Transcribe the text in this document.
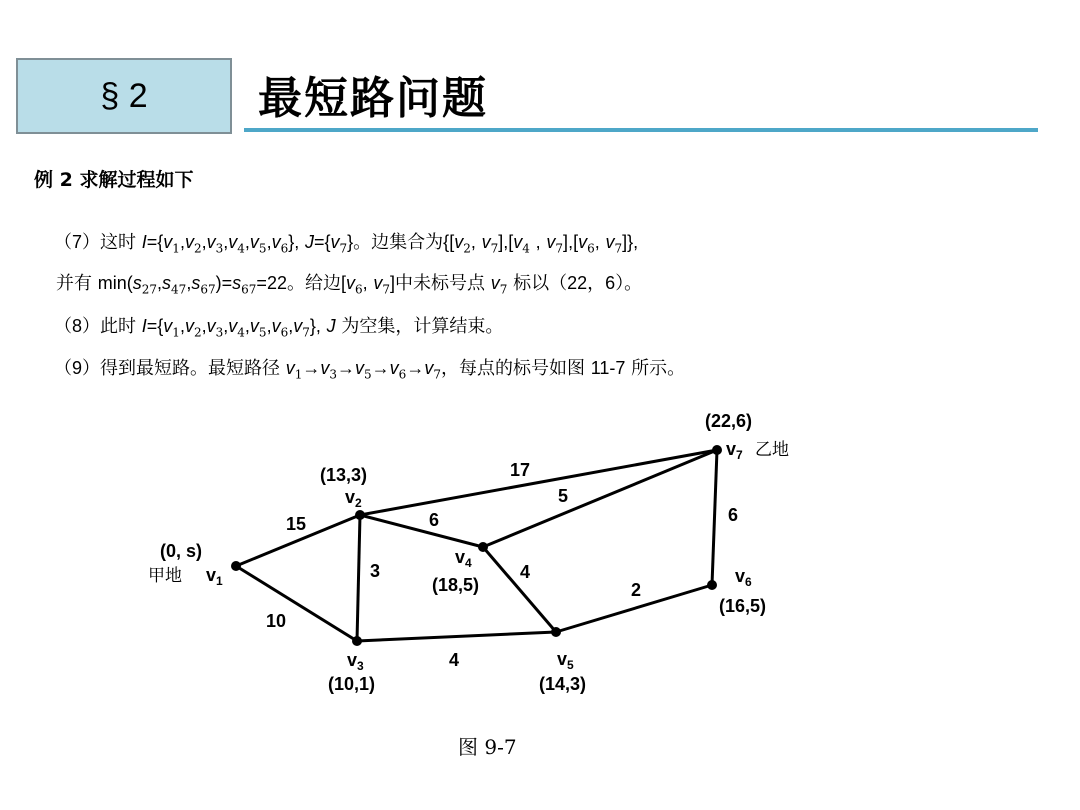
§ 2	最短路问题
例 2 求解过程如下
（7）这时 $I=\{v_1,v_2,v_3,v_4,v_5,v_6\}$, $J=\{v_7\}$。边集合为{[$v_2$, $v_7],[v_4$ , $v_7],[v_6$, $v_7$]},
并有 $\min(s_{27},s_{47},s_{67})=s_{67}=22$。给边[$v_6$, $v_7$]中未标号点 $v_7$ 标以（22，6）。
（8）此时 $I=\{v_1,v_2,v_3,v_4,v_5,v_6,v_7\}$, J 为空集，计算结束。
（9）得到最短路。最短路径 $v_1\to v_3\to v_5\to v_6\to v_7$，每点的标号如图 11-7 所示。
15
10
3
6
17
5
4
4
2
6
(0, s)
$v_1$
甲地
(13,3)
$v_2$
(10,1)
$v_3$
(18,5)
$v_4$
(14,3)
$v_5$
(16,5)
$v_6$
(22,6)
$v_7$ 乙地
图 9-7
